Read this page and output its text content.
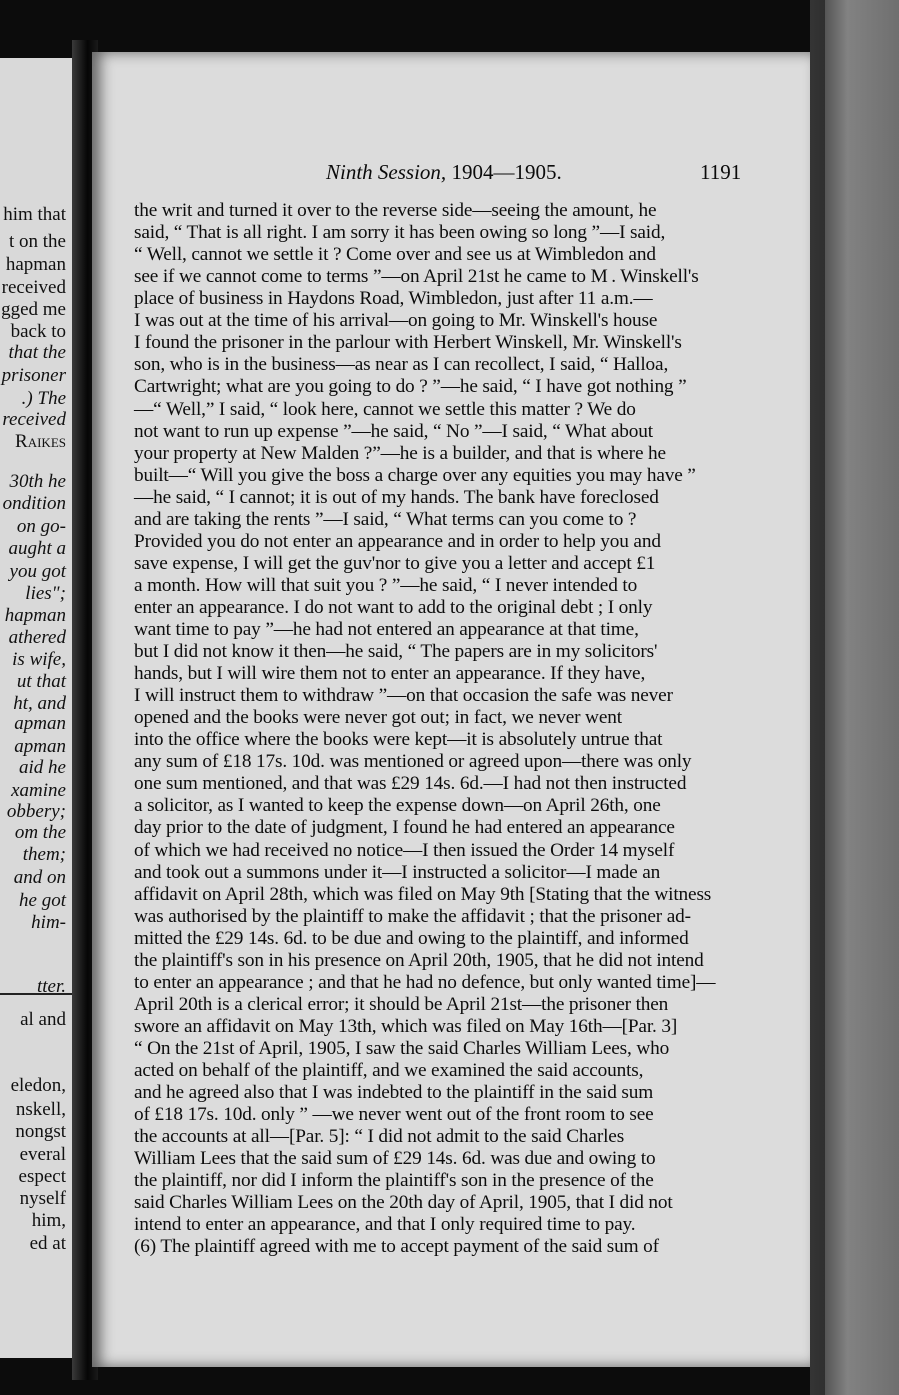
Ninth Session, 1904—1905.	1191
him that
t on the
hapman
received
gged me
back to
that the
prisoner
.) The
received
Raikes
30th he
ondition
on go-
aught a
you got
lies";
hapman
athered
is wife,
ut that
ht, and
apman
apman
aid he
xamine
obbery;
om the
them;
and on
he got
him-
tter.
al and
eledon,
nskell,
nongst
everal
espect
nyself
him,
ed at
the writ and turned it over to the reverse side—seeing the amount, he
said, “ That is all right. I am sorry it has been owing so long ”—I said,
“ Well, cannot we settle it ? Come over and see us at Wimbledon and
see if we cannot come to terms ”—on April 21st he came to M . Winskell's
place of business in Haydons Road, Wimbledon, just after 11 a.m.—
I was out at the time of his arrival—on going to Mr. Winskell's house
I found the prisoner in the parlour with Herbert Winskell, Mr. Winskell's
son, who is in the business—as near as I can recollect, I said, “ Halloa,
Cartwright; what are you going to do ? ”—he said, “ I have got nothing ”
—“ Well,” I said, “ look here, cannot we settle this matter ? We do
not want to run up expense ”—he said, “ No ”—I said, “ What about
your property at New Malden ?”—he is a builder, and that is where he
built—“ Will you give the boss a charge over any equities you may have ”
—he said, “ I cannot; it is out of my hands. The bank have foreclosed
and are taking the rents ”—I said, “ What terms can you come to ?
Provided you do not enter an appearance and in order to help you and
save expense, I will get the guv'nor to give you a letter and accept £1
a month. How will that suit you ? ”—he said, “ I never intended to
enter an appearance. I do not want to add to the original debt ; I only
want time to pay ”—he had not entered an appearance at that time,
but I did not know it then—he said, “ The papers are in my solicitors'
hands, but I will wire them not to enter an appearance. If they have,
I will instruct them to withdraw ”—on that occasion the safe was never
opened and the books were never got out; in fact, we never went
into the office where the books were kept—it is absolutely untrue that
any sum of £18 17s. 10d. was mentioned or agreed upon—there was only
one sum mentioned, and that was £29 14s. 6d.—I had not then instructed
a solicitor, as I wanted to keep the expense down—on April 26th, one
day prior to the date of judgment, I found he had entered an appearance
of which we had received no notice—I then issued the Order 14 myself
and took out a summons under it—I instructed a solicitor—I made an
affidavit on April 28th, which was filed on May 9th [Stating that the witness
was authorised by the plaintiff to make the affidavit ; that the prisoner ad-
mitted the £29 14s. 6d. to be due and owing to the plaintiff, and informed
the plaintiff's son in his presence on April 20th, 1905, that he did not intend
to enter an appearance ; and that he had no defence, but only wanted time]—
April 20th is a clerical error; it should be April 21st—the prisoner then
swore an affidavit on May 13th, which was filed on May 16th—[Par. 3]
“ On the 21st of April, 1905, I saw the said Charles William Lees, who
acted on behalf of the plaintiff, and we examined the said accounts,
and he agreed also that I was indebted to the plaintiff in the said sum
of £18 17s. 10d. only ” —we never went out of the front room to see
the accounts at all—[Par. 5]: “ I did not admit to the said Charles
William Lees that the said sum of £29 14s. 6d. was due and owing to
the plaintiff, nor did I inform the plaintiff's son in the presence of the
said Charles William Lees on the 20th day of April, 1905, that I did not
intend to enter an appearance, and that I only required time to pay.
(6) The plaintiff agreed with me to accept payment of the said sum of
